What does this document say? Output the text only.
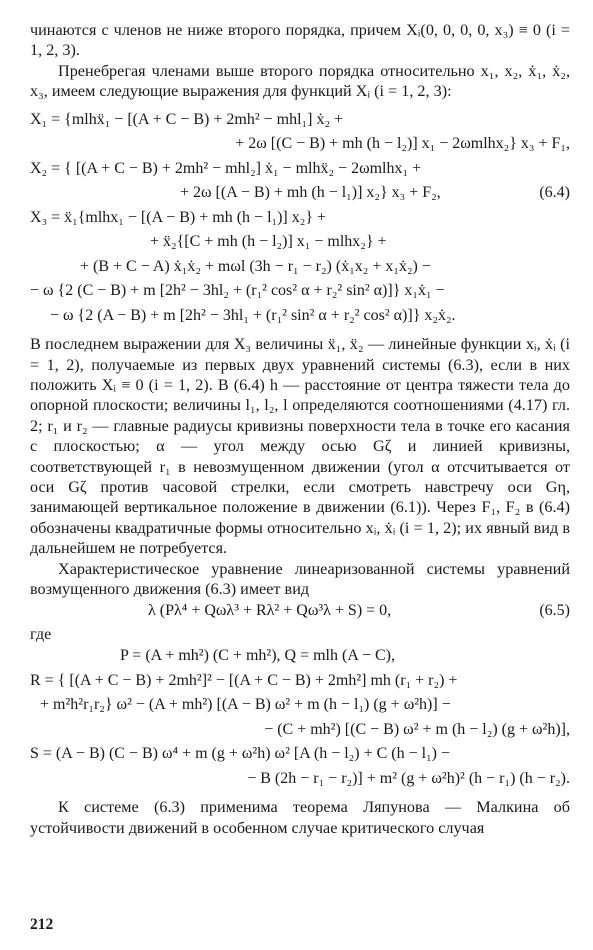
чинаются с членов не ниже второго порядка, причем Xᵢ(0, 0, 0, 0, x₃) ≡ 0 (i = 1, 2, 3).

Пренебрегая членами выше второго порядка относительно x₁, x₂, ẋ₁, ẋ₂, x₃, имеем следующие выражения для функций Xᵢ (i = 1, 2, 3):

X₁ = {mlhẍ₁ − [(A + C − B) + 2mh² − mhl₁] ẋ₂ +

+ 2ω [(C − B) + mh (h − l₂)] x₁ − 2ωmlhx₂} x₃ + F₁,

X₂ = { [(A + C − B) + 2mh² − mhl₂] ẋ₁ − mlhẍ₂ − 2ωmlhx₁ +

+ 2ω [(A − B) + mh (h − l₁)] x₂} x₃ + F₂,	(6.4)

X₃ = ẍ₁{mlhx₁ − [(A − B) + mh (h − l₁)] x₂} +

+ ẍ₂{[C + mh (h − l₂)] x₁ − mlhx₂} +

+ (B + C − A) ẋ₁ẋ₂ + mωl (3h − r₁ − r₂) (ẋ₁x₂ + x₁ẋ₂) −

− ω {2 (C − B) + m [2h² − 3hl₂ + (r₁² cos² α + r₂² sin² α)]} x₁ẋ₁ −

− ω {2 (A − B) + m [2h² − 3hl₁ + (r₁² sin² α + r₂² cos² α)]} x₂ẋ₂.

В последнем выражении для X₃ величины ẍ₁, ẍ₂ — линейные функции xᵢ, ẋᵢ (i = 1, 2), получаемые из первых двух уравнений системы (6.3), если в них положить Xᵢ ≡ 0 (i = 1, 2). В (6.4) h — расстояние от центра тяжести тела до опорной плоскости; величины l₁, l₂, l определяются соотношениями (4.17) гл. 2; r₁ и r₂ — главные радиусы кривизны поверхности тела в точке его касания с плоскостью; α — угол между осью Gζ и линией кривизны, соответствующей r₁ в невозмущенном движении (угол α отсчитывается от оси Gζ против часовой стрелки, если смотреть навстречу оси Gη, занимающей вертикальное положение в движении (6.1)). Через F₁, F₂ в (6.4) обозначены квадратичные формы относительно xᵢ, ẋᵢ (i = 1, 2); их явный вид в дальнейшем не потребуется.

Характеристическое уравнение линеаризованной системы уравнений возмущенного движения (6.3) имеет вид

λ (Pλ⁴ + Qωλ³ + Rλ² + Qω³λ + S) = 0,	(6.5)

где

P = (A + mh²) (C + mh²), Q = mlh (A − C),

R = { [(A + C − B) + 2mh²]² − [(A + C − B) + 2mh²] mh (r₁ + r₂) +

+ m²h²r₁r₂} ω² − (A + mh²) [(A − B) ω² + m (h − l₁) (g + ω²h)] −

− (C + mh²) [(C − B) ω² + m (h − l₂) (g + ω²h)],

S = (A − B) (C − B) ω⁴ + m (g + ω²h) ω² [A (h − l₂) + C (h − l₁) −

− B (2h − r₁ − r₂)] + m² (g + ω²h)² (h − r₁) (h − r₂).

К системе (6.3) применима теорема Ляпунова — Малкина об устойчивости движений в особенном случае критического случая

212
